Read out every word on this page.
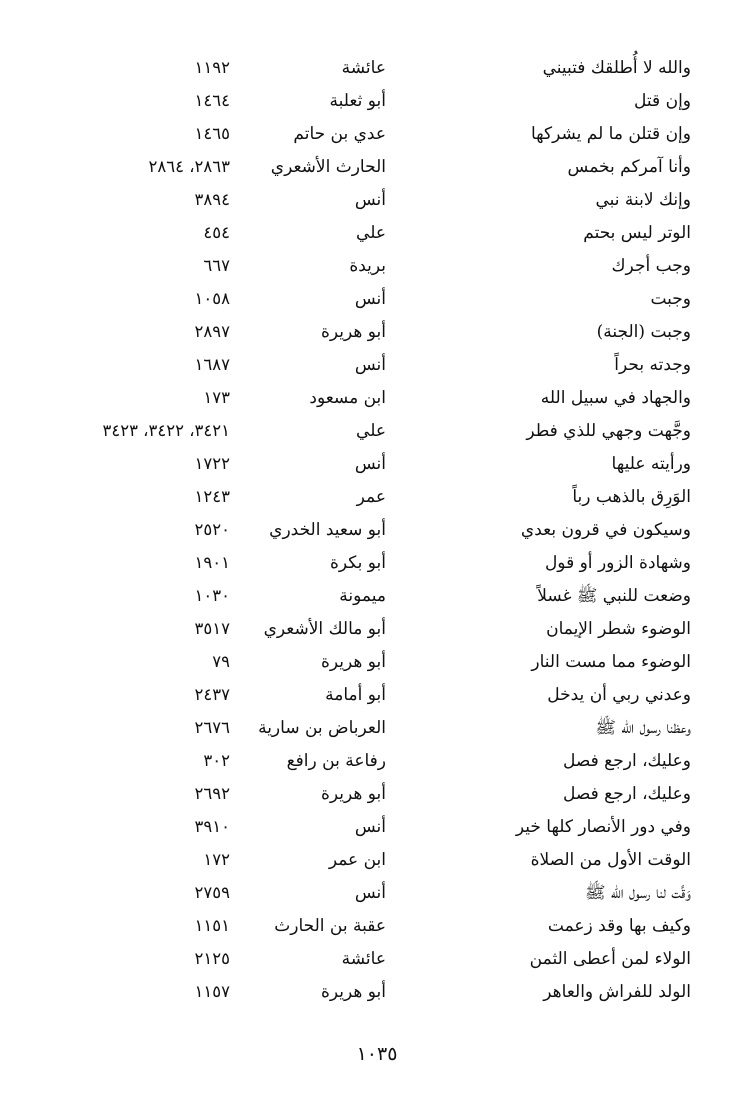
والله لا أُطلقك فتبيني
عائشة
١١٩٢
وإن قتل
أبو ثعلبة
١٤٦٤
وإن قتلن ما لم يشركها
عدي بن حاتم
١٤٦٥
وأنا آمركم بخمس
الحارث الأشعري
٢٨٦٣، ٢٨٦٤
وإنك لابنة نبي
أنس
٣٨٩٤
الوتر ليس بحتم
علي
٤٥٤
وجب أجرك
بريدة
٦٦٧
وجبت
أنس
١٠٥٨
وجبت (الجنة)
أبو هريرة
٢٨٩٧
وجدته بحراً
أنس
١٦٨٧
والجهاد في سبيل الله
ابن مسعود
١٧٣
وجَّهت وجهي للذي فطر
علي
٣٤٢١، ٣٤٢٢، ٣٤٢٣
ورأيته عليها
أنس
١٧٢٢
الوَرِق بالذهب رباً
عمر
١٢٤٣
وسيكون في قرون بعدي
أبو سعيد الخدري
٢٥٢٠
وشهادة الزور أو قول
أبو بكرة
١٩٠١
وضعت للنبي ﷺ غسلاً
ميمونة
١٠٣٠
الوضوء شطر الإيمان
أبو مالك الأشعري
٣٥١٧
الوضوء مما مست النار
أبو هريرة
٧٩
وعدني ربي أن يدخل
أبو أمامة
٢٤٣٧
وعظنا رسول الله ﷺ
العرباض بن سارية
٢٦٧٦
وعليك، ارجع فصل
رفاعة بن رافع
٣٠٢
وعليك، ارجع فصل
أبو هريرة
٢٦٩٢
وفي دور الأنصار كلها خير
أنس
٣٩١٠
الوقت الأول من الصلاة
ابن عمر
١٧٢
وَقَّت لنا رسول الله ﷺ
أنس
٢٧٥٩
وكيف بها وقد زعمت
عقبة بن الحارث
١١٥١
الولاء لمن أعطى الثمن
عائشة
٢١٢٥
الولد للفراش والعاهر
أبو هريرة
١١٥٧
١٠٣٥
